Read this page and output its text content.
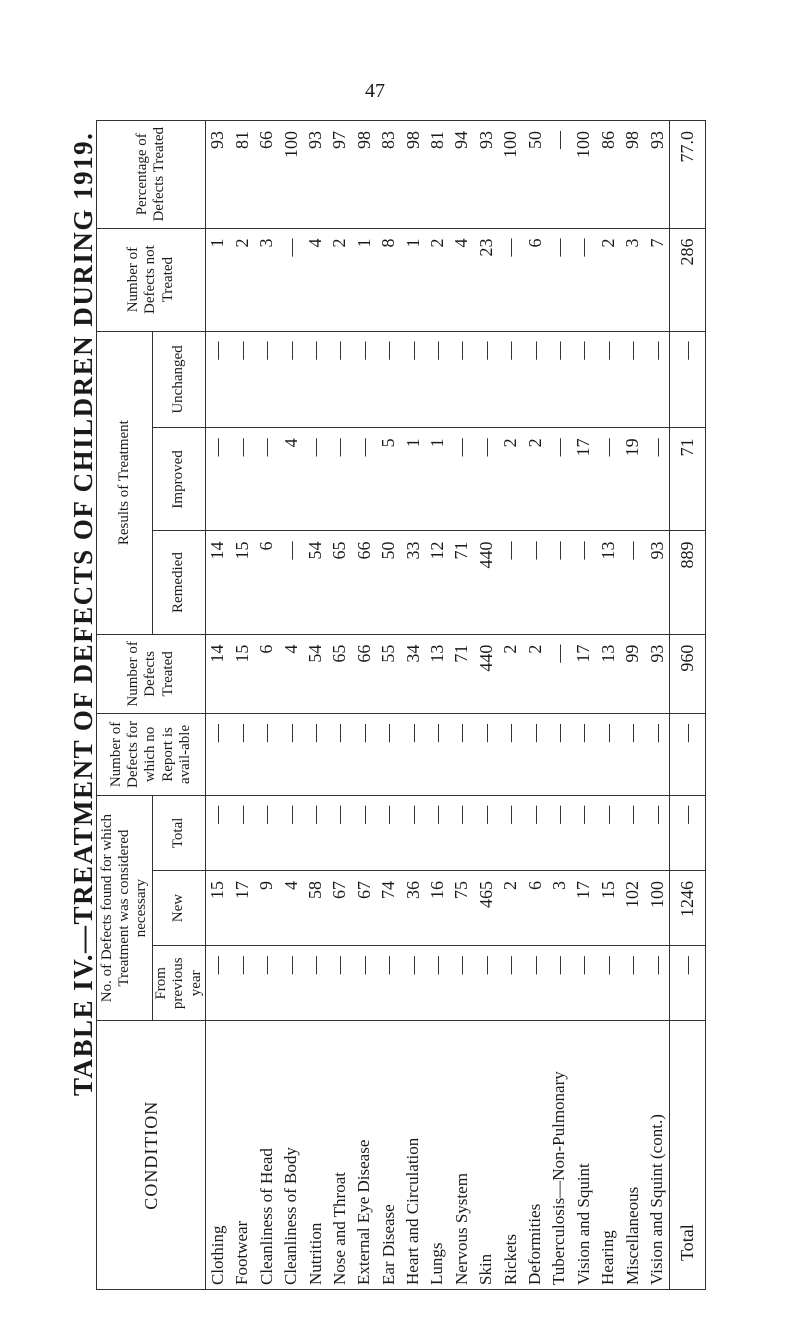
47
TABLE IV.—TREATMENT OF DEFECTS OF CHILDREN DURING 1919.
CONDITION	No. of Defects found for which Treatment was considered necessary			Number of Defects for which no Report is avail-able	Number of Defects Treated	Results of Treatment			Number of Defects not Treated	Percentage of Defects Treated
	From previous year	New	Total			Remedied	Improved	Unchanged		
Clothing	—	15	—	—	14	14	—	—	1	93
Footwear	—	17	—	—	15	15	—	—	2	81
Cleanliness of Head	—	9	—	—	6	6	—	—	3	66
Cleanliness of Body	—	4	—	—	4	—	4	—	—	100
Nutrition	—	58	—	—	54	54	—	—	4	93
Nose and Throat	—	67	—	—	65	65	—	—	2	97
External Eye Disease	—	67	—	—	66	66	—	—	1	98
Ear Disease	—	74	—	—	55	50	5	—	8	83
Heart and Circulation	—	36	—	—	34	33	1	—	1	98
Lungs	—	16	—	—	13	12	1	—	2	81
Nervous System	—	75	—	—	71	71	—	—	4	94
Skin	—	465	—	—	440	440	—	—	23	93
Rickets	—	2	—	—	2	—	2	—	—	100
Deformities	—	6	—	—	2	—	2	—	6	50
Tuberculosis—Non-Pulmonary	—	3	—	—	—	—	—	—	—	—
Vision and Squint	—	17	—	—	17	—	17	—	—	100
Hearing	—	15	—	—	13	13	—	—	2	86
Miscellaneous	—	102	—	—	99	—	19	—	3	98
Vision and Squint (cont.)	—	100	—	—	93	93	—	—	7	93
Total	—	1246	—	—	960	889	71	—	286	77.0
